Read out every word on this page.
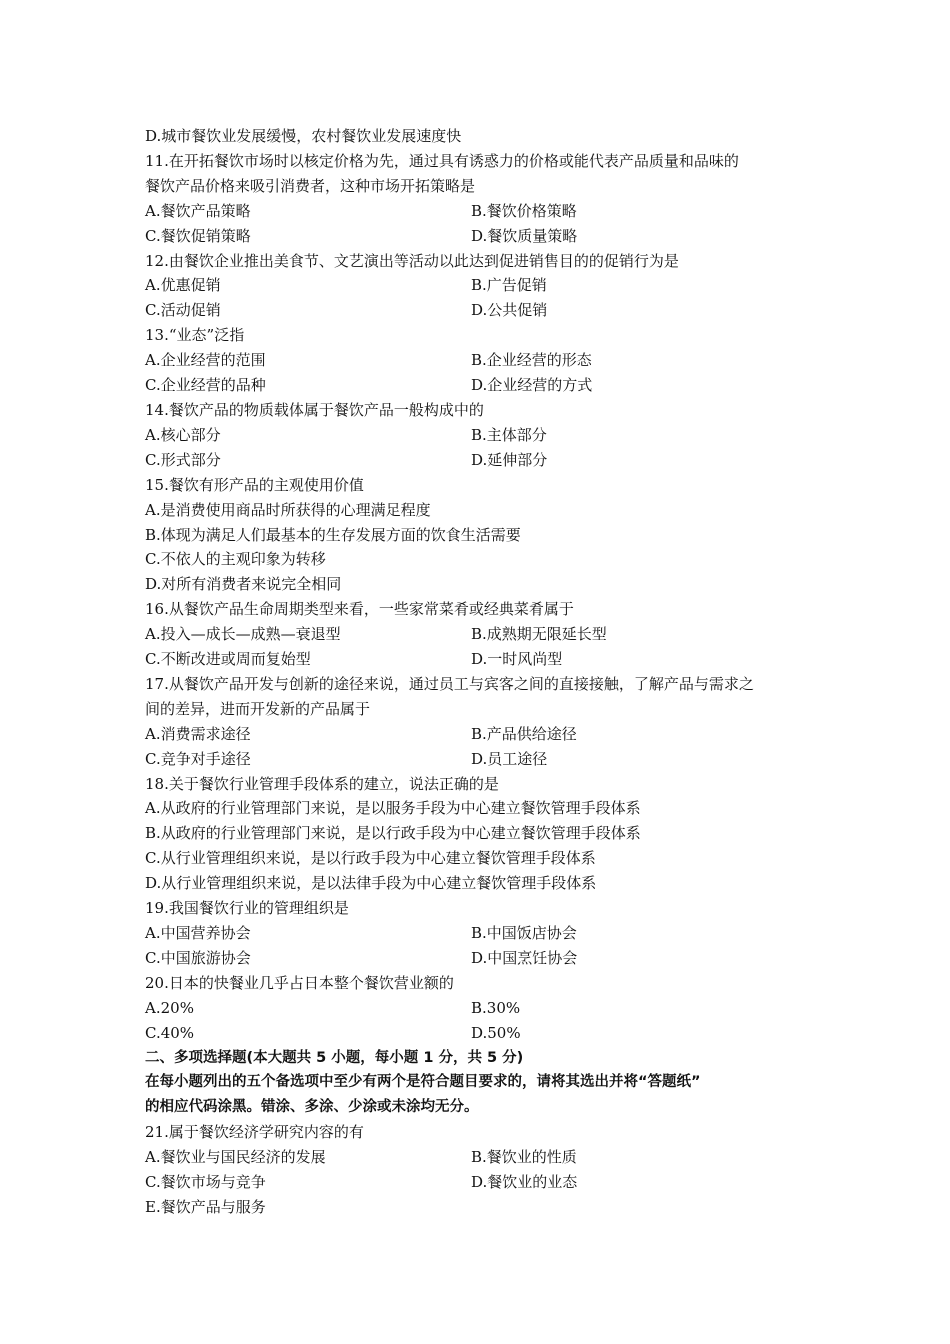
D.城市餐饮业发展缓慢，农村餐饮业发展速度快
11.在开拓餐饮市场时以核定价格为先，通过具有诱惑力的价格或能代表产品质量和品味的
餐饮产品价格来吸引消费者，这种市场开拓策略是
A.餐饮产品策略	B.餐饮价格策略
C.餐饮促销策略	D.餐饮质量策略
12.由餐饮企业推出美食节、文艺演出等活动以此达到促进销售目的的促销行为是
A.优惠促销	B.广告促销
C.活动促销	D.公共促销
13.“业态”泛指
A.企业经营的范围	B.企业经营的形态
C.企业经营的品种	D.企业经营的方式
14.餐饮产品的物质载体属于餐饮产品一般构成中的
A.核心部分	B.主体部分
C.形式部分	D.延伸部分
15.餐饮有形产品的主观使用价值
A.是消费使用商品时所获得的心理满足程度
B.体现为满足人们最基本的生存发展方面的饮食生活需要
C.不依人的主观印象为转移
D.对所有消费者来说完全相同
16.从餐饮产品生命周期类型来看，一些家常菜肴或经典菜肴属于
A.投入—成长—成熟—衰退型	B.成熟期无限延长型
C.不断改进或周而复始型	D.一时风尚型
17.从餐饮产品开发与创新的途径来说，通过员工与宾客之间的直接接触，了解产品与需求之
间的差异，进而开发新的产品属于
A.消费需求途径	B.产品供给途径
C.竞争对手途径	D.员工途径
18.关于餐饮行业管理手段体系的建立，说法正确的是
A.从政府的行业管理部门来说，是以服务手段为中心建立餐饮管理手段体系
B.从政府的行业管理部门来说，是以行政手段为中心建立餐饮管理手段体系
C.从行业管理组织来说，是以行政手段为中心建立餐饮管理手段体系
D.从行业管理组织来说，是以法律手段为中心建立餐饮管理手段体系
19.我国餐饮行业的管理组织是
A.中国营养协会	B.中国饭店协会
C.中国旅游协会	D.中国烹饪协会
20.日本的快餐业几乎占日本整个餐饮营业额的
A.20%	B.30%
C.40%	D.50%
二、多项选择题(本大题共 5 小题，每小题 1 分，共 5 分)
在每小题列出的五个备选项中至少有两个是符合题目要求的，请将其选出并将“答题纸”
的相应代码涂黑。错涂、多涂、少涂或未涂均无分。
21.属于餐饮经济学研究内容的有
A.餐饮业与国民经济的发展	B.餐饮业的性质
C.餐饮市场与竞争	D.餐饮业的业态
E.餐饮产品与服务
